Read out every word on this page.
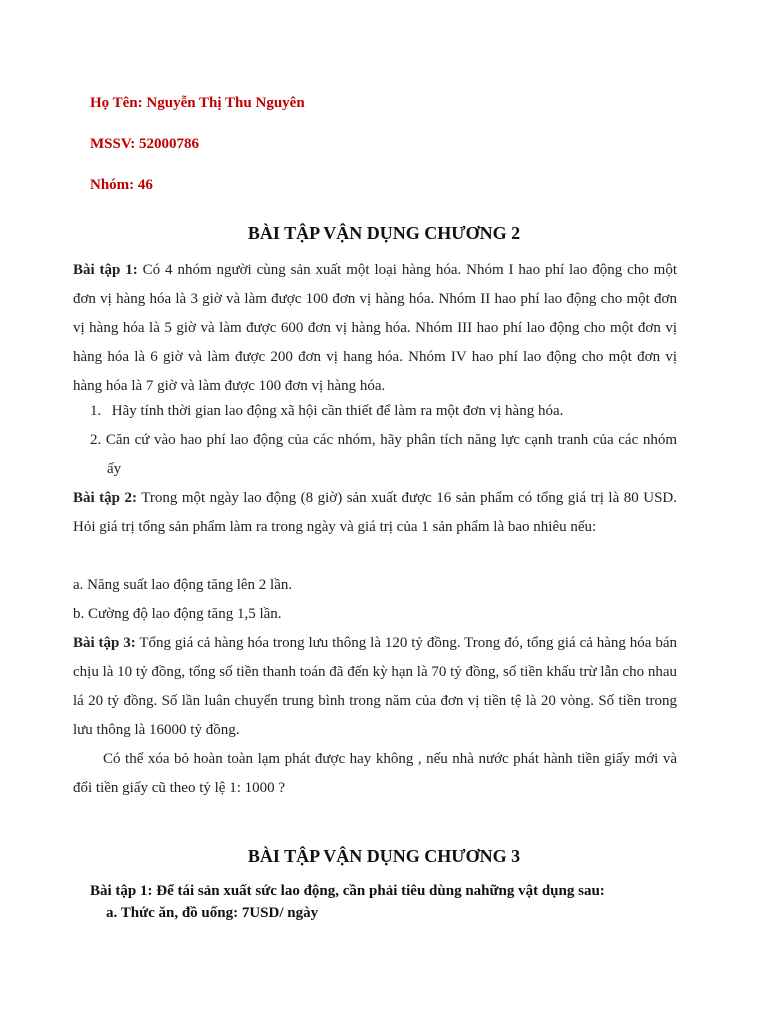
Họ Tên: Nguyễn Thị Thu Nguyên

MSSV: 52000786

Nhóm: 46

BÀI TẬP VẬN DỤNG CHƯƠNG 2

Bài tập 1: Có 4 nhóm người cùng sản xuất một loại hàng hóa. Nhóm I hao phí lao động cho một đơn vị hàng hóa là 3 giờ và làm được 100 đơn vị hàng hóa. Nhóm II hao phí lao động cho một đơn vị hàng hóa là 5 giờ và làm được 600 đơn vị hàng hóa. Nhóm III hao phí lao động cho một đơn vị hàng hóa là 6 giờ và làm được 200 đơn vị hang hóa. Nhóm IV hao phí lao động cho một đơn vị hàng hóa là 7 giờ và làm được 100 đơn vị hàng hóa.

1. Hãy tính thời gian lao động xã hội cần thiết để làm ra một đơn vị hàng hóa.

2. Căn cứ vào hao phí lao động của các nhóm, hãy phân tích năng lực cạnh tranh của các nhóm ấy

Bài tập 2: Trong một ngày lao động (8 giờ) sản xuất được 16 sản phẩm có tổng giá trị là 80 USD. Hỏi giá trị tổng sản phẩm làm ra trong ngày và giá trị của 1 sản phẩm là bao nhiêu nếu:

a. Năng suất lao động tăng lên 2 lần.

b. Cường độ lao động tăng 1,5 lần.

Bài tập 3: Tổng giá cả hàng hóa trong lưu thông là 120 tỷ đồng. Trong đó, tổng giá cả hàng hóa bán chịu là 10 tỷ đồng, tổng số tiền thanh toán đã đến kỳ hạn là 70 tỷ đồng, số tiền khấu trừ lẫn cho nhau lá 20 tỷ đồng. Số lần luân chuyển trung bình trong năm của đơn vị tiền tệ là 20 vòng. Số tiền trong lưu thông là 16000 tỷ đồng.

Có thể xóa bỏ hoàn toàn lạm phát được hay không , nếu nhà nước phát hành tiền giấy mới và đổi tiền giấy cũ theo tỷ lệ 1: 1000 ?

BÀI TẬP VẬN DỤNG CHƯƠNG 3

Bài tập 1: Để tái sản xuất sức lao động, cần phải tiêu dùng nahững vật dụng sau:

a. Thức ăn, đồ uống: 7USD/ ngày
